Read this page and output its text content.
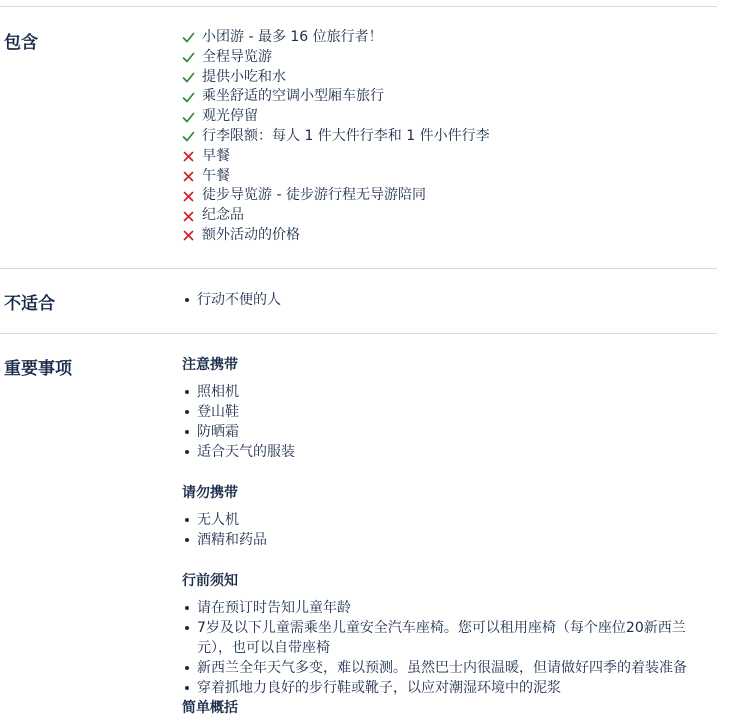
包含	小团游 - 最多 16 位旅行者！
全程导览游
提供小吃和水
乘坐舒适的空调小型厢车旅行
观光停留
行李限额：每人 1 件大件行李和 1 件小件行李
早餐
午餐
徒步导览游 - 徒步游行程无导游陪同
纪念品
额外活动的价格
不适合	行动不便的人
重要事项	注意携带
照相机
登山鞋
防晒霜
适合天气的服装
请勿携带
无人机
酒精和药品
行前须知
请在预订时告知儿童年龄
7岁及以下儿童需乘坐儿童安全汽车座椅。您可以租用座椅（每个座位20新西兰元），也可以自带座椅
新西兰全年天气多变，难以预测。虽然巴士内很温暖，但请做好四季的着装准备
穿着抓地力良好的步行鞋或靴子，以应对潮湿环境中的泥浆
简单概括
